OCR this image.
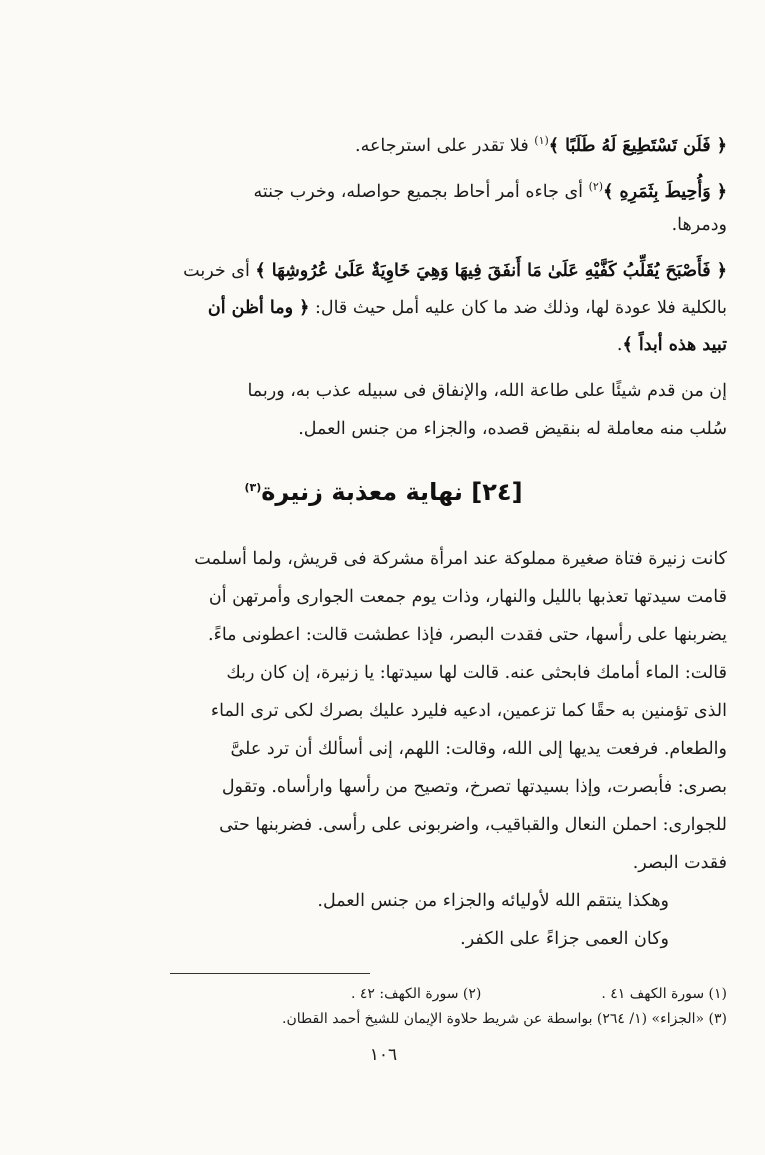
﴿ فَلَن تَسْتَطِيعَ لَهُ طَلَبًا ﴾$^{(١)}$ فلا تقدر على استرجاعه.
﴿ وَأُحِيطَ بِثَمَرِهِ ﴾$^{(٢)}$ أى جاءه أمر أحاط بجميع حواصله، وخرب جنته
ودمرها.
﴿ فَأَصْبَحَ يُقَلِّبُ كَفَّيْهِ عَلَىٰ مَا أَنفَقَ فِيهَا وَهِيَ خَاوِيَةٌ عَلَىٰ عُرُوشِهَا ﴾ أى خربت
بالكلية فلا عودة لها، وذلك ضد ما كان عليه أمل حيث قال: ﴿ وما أظن أن
تبيد هذه أبداً ﴾.
إن من قدم شيئًا على طاعة الله، والإنفاق فى سبيله عذب به، وربما
سُلب منه معاملة له بنقيض قصده، والجزاء من جنس العمل.
[٢٤] نهاية معذبة زنيرة$^{(٣)}$
كانت زنيرة فتاة صغيرة مملوكة عند امرأة مشركة فى قريش، ولما أسلمت
قامت سيدتها تعذبها بالليل والنهار، وذات يوم جمعت الجوارى وأمرتهن أن
يضربنها على رأسها، حتى فقدت البصر، فإذا عطشت قالت: اعطونى ماءً.
قالت: الماء أمامك فابحثى عنه. قالت لها سيدتها: يا زنيرة، إن كان ربك
الذى تؤمنين به حقًا كما تزعمين، ادعيه فليرد عليك بصرك لكى ترى الماء
والطعام. فرفعت يديها إلى الله، وقالت: اللهم، إنى أسألك أن ترد علىَّ
بصرى: فأبصرت، وإذا بسيدتها تصرخ، وتصيح من رأسها وارأساه. وتقول
للجوارى: احملن النعال والقباقيب، واضربونى على رأسى. فضربنها حتى
فقدت البصر.
وهكذا ينتقم الله لأوليائه والجزاء من جنس العمل.
وكان العمى جزاءً على الكفر.
(١) سورة الكهف ٤١ .(٢) سورة الكهف: ٤٢ .
(٣) «الجزاء» (١/ ٢٦٤) بواسطة عن شريط حلاوة الإيمان للشيخ أحمد القطان.
١٠٦
